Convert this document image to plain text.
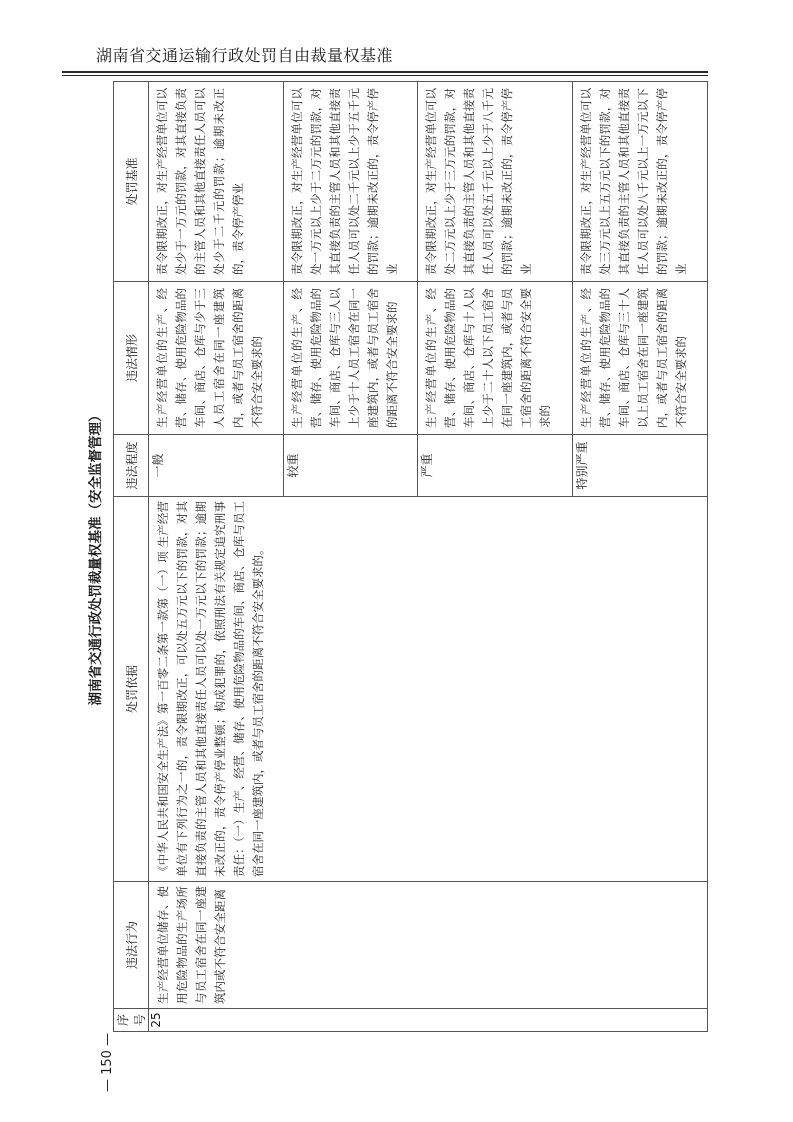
湖南省交通运输行政处罚自由裁量权基准
湖南省交通行政处罚裁量权基准（安全监督管理）
序号	违法行为	处罚依据	违法程度	违法情形	处罚基准
25	生产经营单位储存、使用危险物品的生产场所与员工宿舍在同一座建筑内或不符合安全距离	《中华人民共和国安全生产法》第一百零二条第一款第（一）项 生产经营单位有下列行为之一的，责令限期改正，可以处五万元以下的罚款，对其直接负责的主管人员和其他直接责任人员可以处一万元以下的罚款；逾期未改正的，责令停产停业整顿；构成犯罪的，依照刑法有关规定追究刑事责任：（一）生产、经营、储存、使用危险物品的车间、商店、仓库与员工宿舍在同一座建筑内，或者与员工宿舍的距离不符合安全要求的。	一般	生产经营单位的生产、经营、储存、使用危险物品的车间、商店、仓库与少于三人员工宿舍在同一座建筑内，或者与员工宿舍的距离不符合安全要求的	责令限期改正，对生产经营单位可以处少于一万元的罚款，对其直接负责的主管人员和其他直接责任人员可以处少于二千元的罚款；逾期未改正的，责令停产停业

			较重	生产经营单位的生产、经营、储存、使用危险物品的车间、商店、仓库与三人以上少于十人员工宿舍在同一座建筑内，或者与员工宿舍的距离不符合安全要求的	责令限期改正，对生产经营单位可以处一万元以上少于二万元的罚款，对其直接负责的主管人员和其他直接责任人员可以处二千元以上少于五千元的罚款；逾期未改正的，责令停产停业

			严重	生产经营单位的生产、经营、储存、使用危险物品的车间、商店、仓库与十人以上少于二十人以下员工宿舍在同一座建筑内，或者与员工宿舍的距离不符合安全要求的	责令限期改正，对生产经营单位可以处二万元以上少于三万元的罚款，对其直接负责的主管人员和其他直接责任人员可以处五千元以上少于八千元的罚款；逾期未改正的，责令停产停业

			特别严重	生产经营单位的生产、经营、储存、使用危险物品的车间、商店、仓库与三十人以上员工宿舍在同一座建筑内，或者与员工宿舍的距离不符合安全要求的	责令限期改正，对生产经营单位可以处三万元以上五万元以下的罚款，对其直接负责的主管人员和其他直接责任人员可以处八千元以上一万元以下的罚款；逾期未改正的，责令停产停业
— 150 —
